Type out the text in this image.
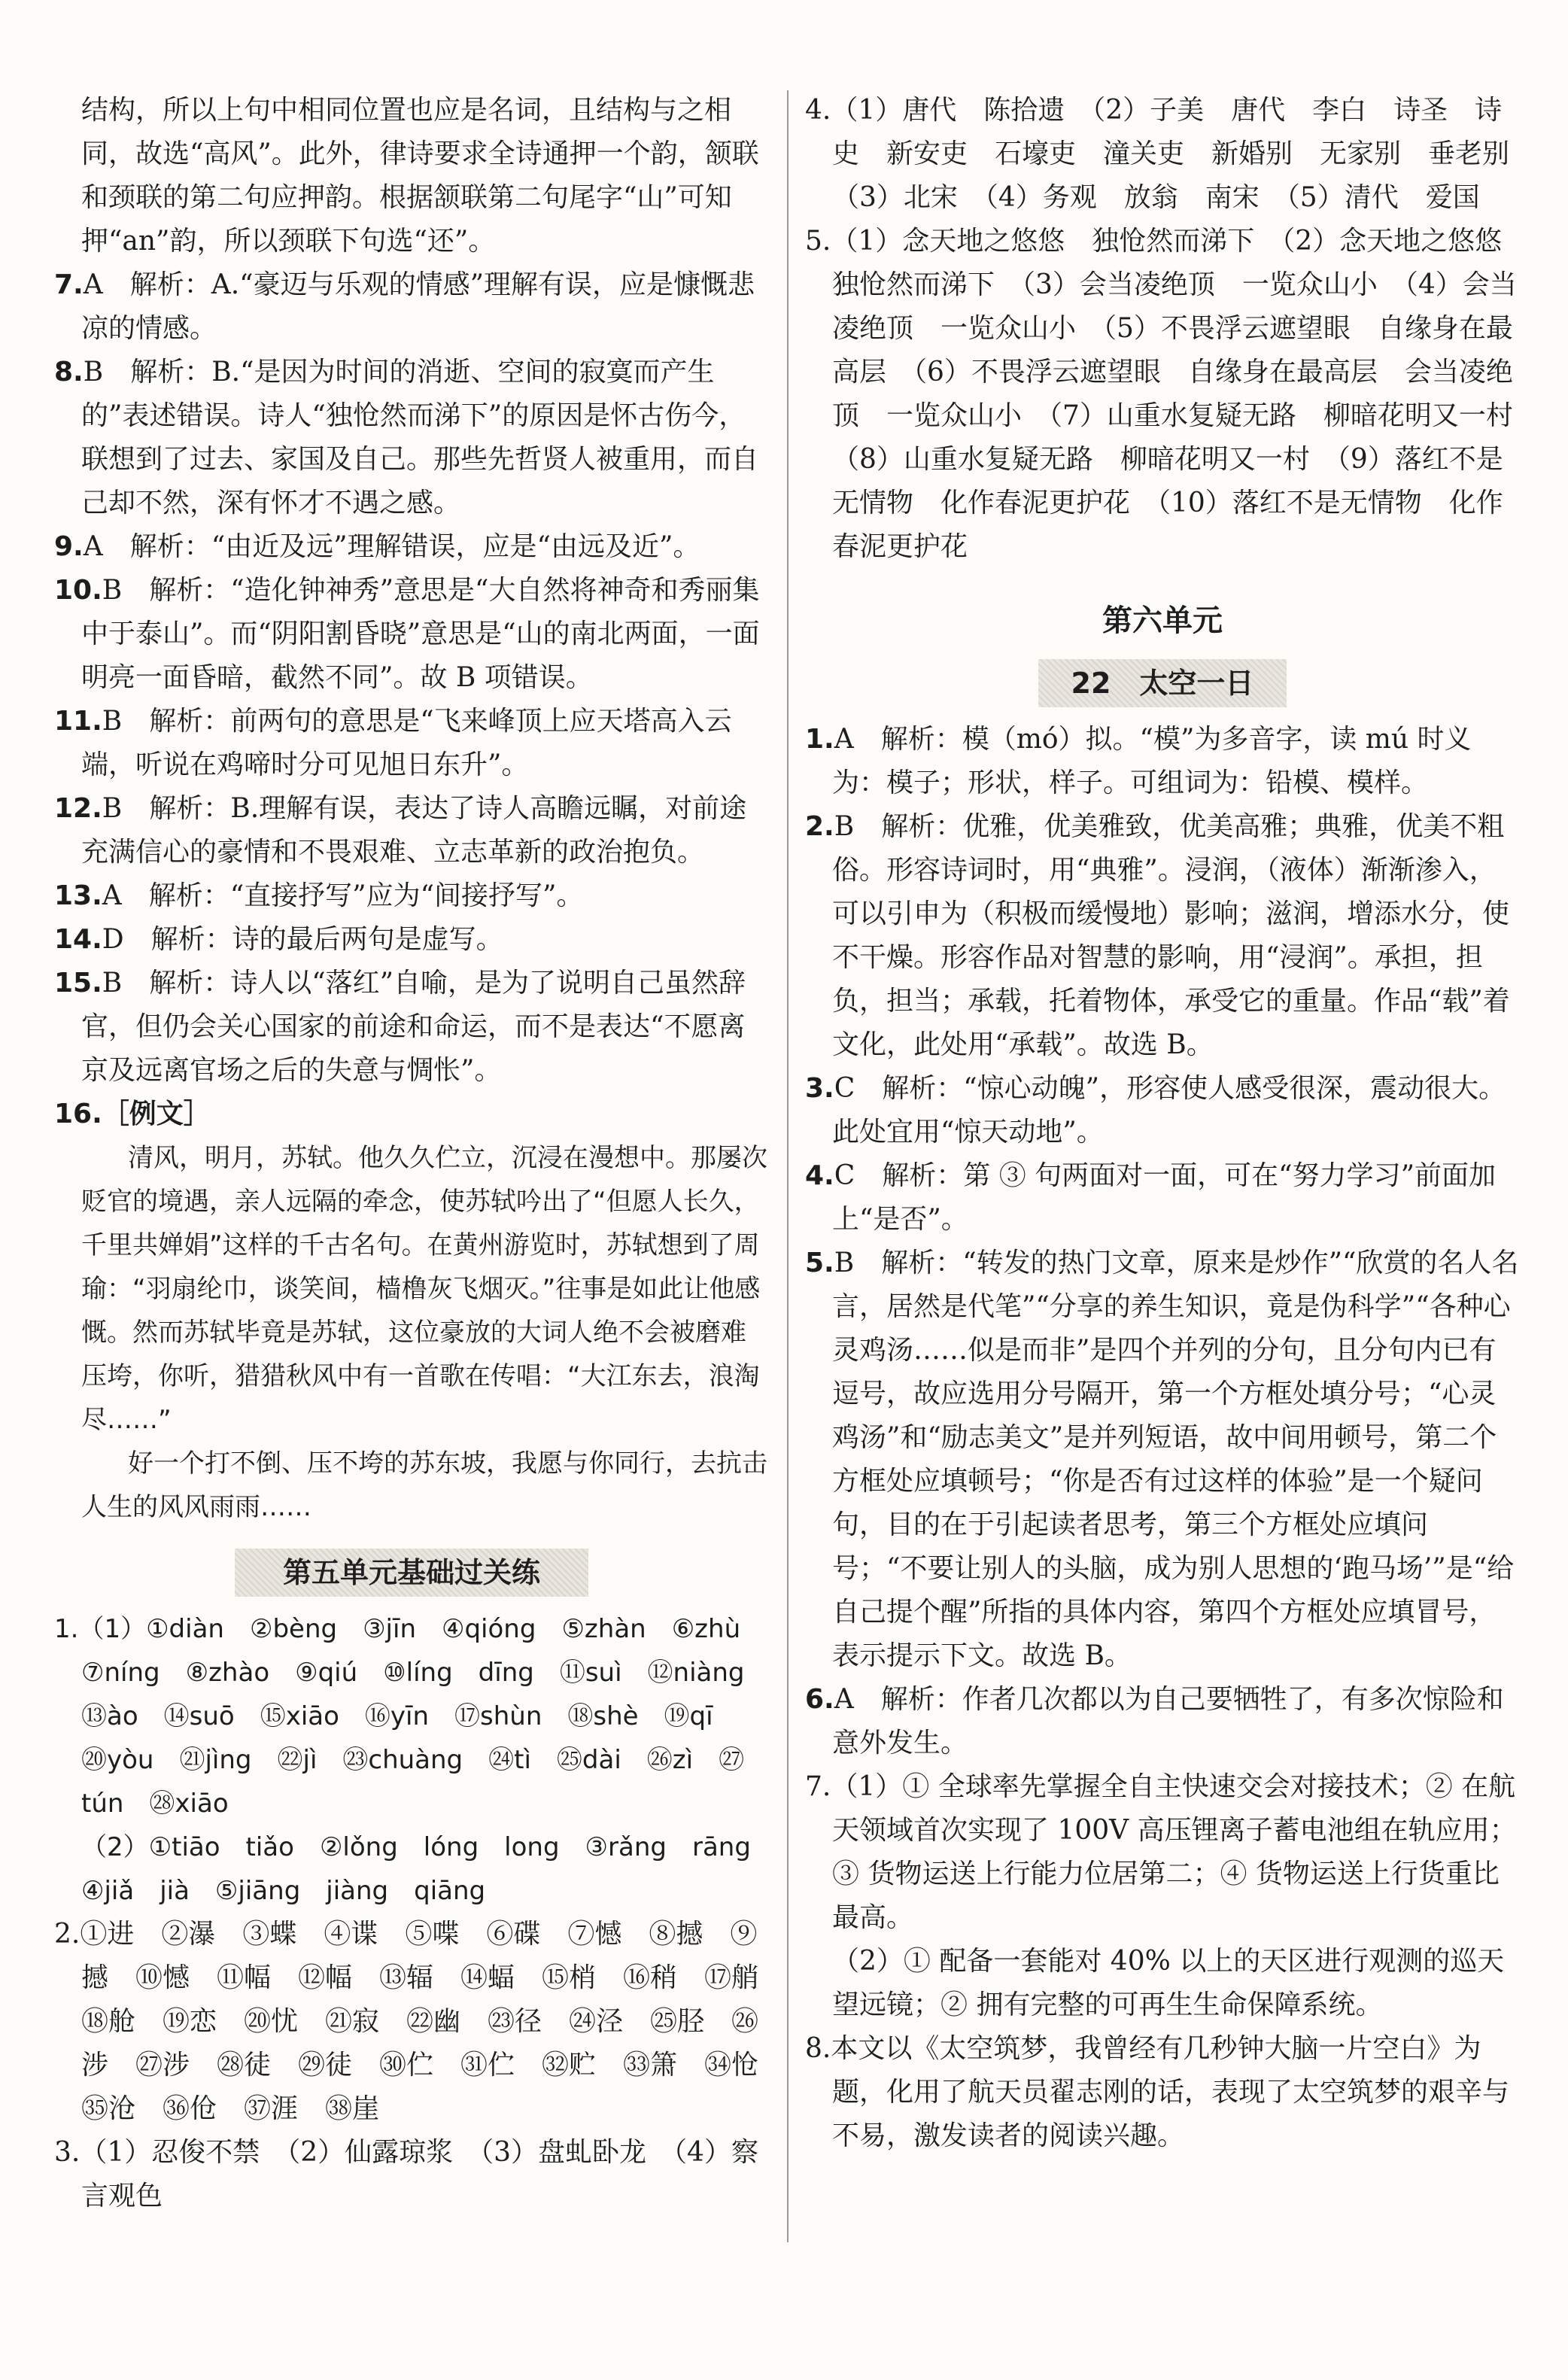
结构，所以上句中相同位置也应是名词，且结构与之相同，故选“高风”。此外，律诗要求全诗通押一个韵，颔联和颈联的第二句应押韵。根据颔联第二句尾字“山”可知押“an”韵，所以颈联下句选“还”。

7.A　解析：A.“豪迈与乐观的情感”理解有误，应是慷慨悲凉的情感。

8.B　解析：B.“是因为时间的消逝、空间的寂寞而产生的”表述错误。诗人“独怆然而涕下”的原因是怀古伤今，联想到了过去、家国及自己。那些先哲贤人被重用，而自己却不然，深有怀才不遇之感。

9.A　解析：“由近及远”理解错误，应是“由远及近”。

10.B　解析：“造化钟神秀”意思是“大自然将神奇和秀丽集中于泰山”。而“阴阳割昏晓”意思是“山的南北两面，一面明亮一面昏暗，截然不同”。故 B 项错误。

11.B　解析：前两句的意思是“飞来峰顶上应天塔高入云端，听说在鸡啼时分可见旭日东升”。

12.B　解析：B.理解有误，表达了诗人高瞻远瞩，对前途充满信心的豪情和不畏艰难、立志革新的政治抱负。

13.A　解析：“直接抒写”应为“间接抒写”。

14.D　解析：诗的最后两句是虚写。

15.B　解析：诗人以“落红”自喻，是为了说明自己虽然辞官，但仍会关心国家的前途和命运，而不是表达“不愿离京及远离官场之后的失意与惆怅”。

16.［例文］

清风，明月，苏轼。他久久伫立，沉浸在漫想中。那屡次贬官的境遇，亲人远隔的牵念，使苏轼吟出了“但愿人长久，千里共婵娟”这样的千古名句。在黄州游览时，苏轼想到了周瑜：“羽扇纶巾，谈笑间，樯橹灰飞烟灭。”往事是如此让他感慨。然而苏轼毕竟是苏轼，这位豪放的大词人绝不会被磨难压垮，你听，猎猎秋风中有一首歌在传唱：“大江东去，浪淘尽……”

好一个打不倒、压不垮的苏东坡，我愿与你同行，去抗击人生的风风雨雨……

第五单元基础过关练

1.（1）①diàn　②bèng　③jīn　④qióng　⑤zhàn　⑥zhù　⑦níng　⑧zhào　⑨qiú　⑩líng　dīng　⑪suì　⑫niàng　⑬ào　⑭suō　⑮xiāo　⑯yīn　⑰shùn　⑱shè　⑲qī　⑳yòu　㉑jìng　㉒jì　㉓chuàng　㉔tì　㉕dài　㉖zì　㉗tún　㉘xiāo

（2）①tiāo　tiǎo　②lǒng　lóng　long　③rǎng　rāng　④jiǎ　jià　⑤jiāng　jiàng　qiāng

2.①进　②瀑　③蝶　④谍　⑤喋　⑥碟　⑦憾　⑧撼　⑨撼　⑩憾　⑪幅　⑫幅　⑬辐　⑭蝠　⑮梢　⑯稍　⑰艄　⑱舱　⑲恋　⑳忧　㉑寂　㉒幽　㉓径　㉔泾　㉕胫　㉖涉　㉗涉　㉘徒　㉙徒　㉚伫　㉛伫　㉜贮　㉝箫　㉞怆　㉟沧　㊱伧　㊲涯　㊳崖

3.（1）忍俊不禁　（2）仙露琼浆　（3）盘虬卧龙　（4）察言观色

4.（1）唐代　陈拾遗　（2）子美　唐代　李白　诗圣　诗史　新安吏　石壕吏　潼关吏　新婚别　无家别　垂老别　（3）北宋　（4）务观　放翁　南宋　（5）清代　爱国

5.（1）念天地之悠悠　独怆然而涕下　（2）念天地之悠悠　独怆然而涕下　（3）会当凌绝顶　一览众山小　（4）会当凌绝顶　一览众山小　（5）不畏浮云遮望眼　自缘身在最高层　（6）不畏浮云遮望眼　自缘身在最高层　会当凌绝顶　一览众山小　（7）山重水复疑无路　柳暗花明又一村　（8）山重水复疑无路　柳暗花明又一村　（9）落红不是无情物　化作春泥更护花　（10）落红不是无情物　化作春泥更护花

第六单元
22　太空一日

1.A　解析：模（mó）拟。“模”为多音字，读 mú 时义为：模子；形状，样子。可组词为：铅模、模样。

2.B　解析：优雅，优美雅致，优美高雅；典雅，优美不粗俗。形容诗词时，用“典雅”。浸润，（液体）渐渐渗入，可以引申为（积极而缓慢地）影响；滋润，增添水分，使不干燥。形容作品对智慧的影响，用“浸润”。承担，担负，担当；承载，托着物体，承受它的重量。作品“载”着文化，此处用“承载”。故选 B。

3.C　解析：“惊心动魄”，形容使人感受很深，震动很大。此处宜用“惊天动地”。

4.C　解析：第 ③ 句两面对一面，可在“努力学习”前面加上“是否”。

5.B　解析：“转发的热门文章，原来是炒作”“欣赏的名人名言，居然是代笔”“分享的养生知识，竟是伪科学”“各种心灵鸡汤……似是而非”是四个并列的分句，且分句内已有逗号，故应选用分号隔开，第一个方框处填分号；“心灵鸡汤”和“励志美文”是并列短语，故中间用顿号，第二个方框处应填顿号；“你是否有过这样的体验”是一个疑问句，目的在于引起读者思考，第三个方框处应填问号；“不要让别人的头脑，成为别人思想的‘跑马场’”是“给自己提个醒”所指的具体内容，第四个方框处应填冒号，表示提示下文。故选 B。

6.A　解析：作者几次都以为自己要牺牲了，有多次惊险和意外发生。

7.（1）① 全球率先掌握全自主快速交会对接技术；② 在航天领域首次实现了 100V 高压锂离子蓄电池组在轨应用；③ 货物运送上行能力位居第二；④ 货物运送上行货重比最高。

（2）① 配备一套能对 40% 以上的天区进行观测的巡天望远镜；② 拥有完整的可再生生命保障系统。

8.本文以《太空筑梦，我曾经有几秒钟大脑一片空白》为题，化用了航天员翟志刚的话，表现了太空筑梦的艰辛与不易，激发读者的阅读兴趣。
